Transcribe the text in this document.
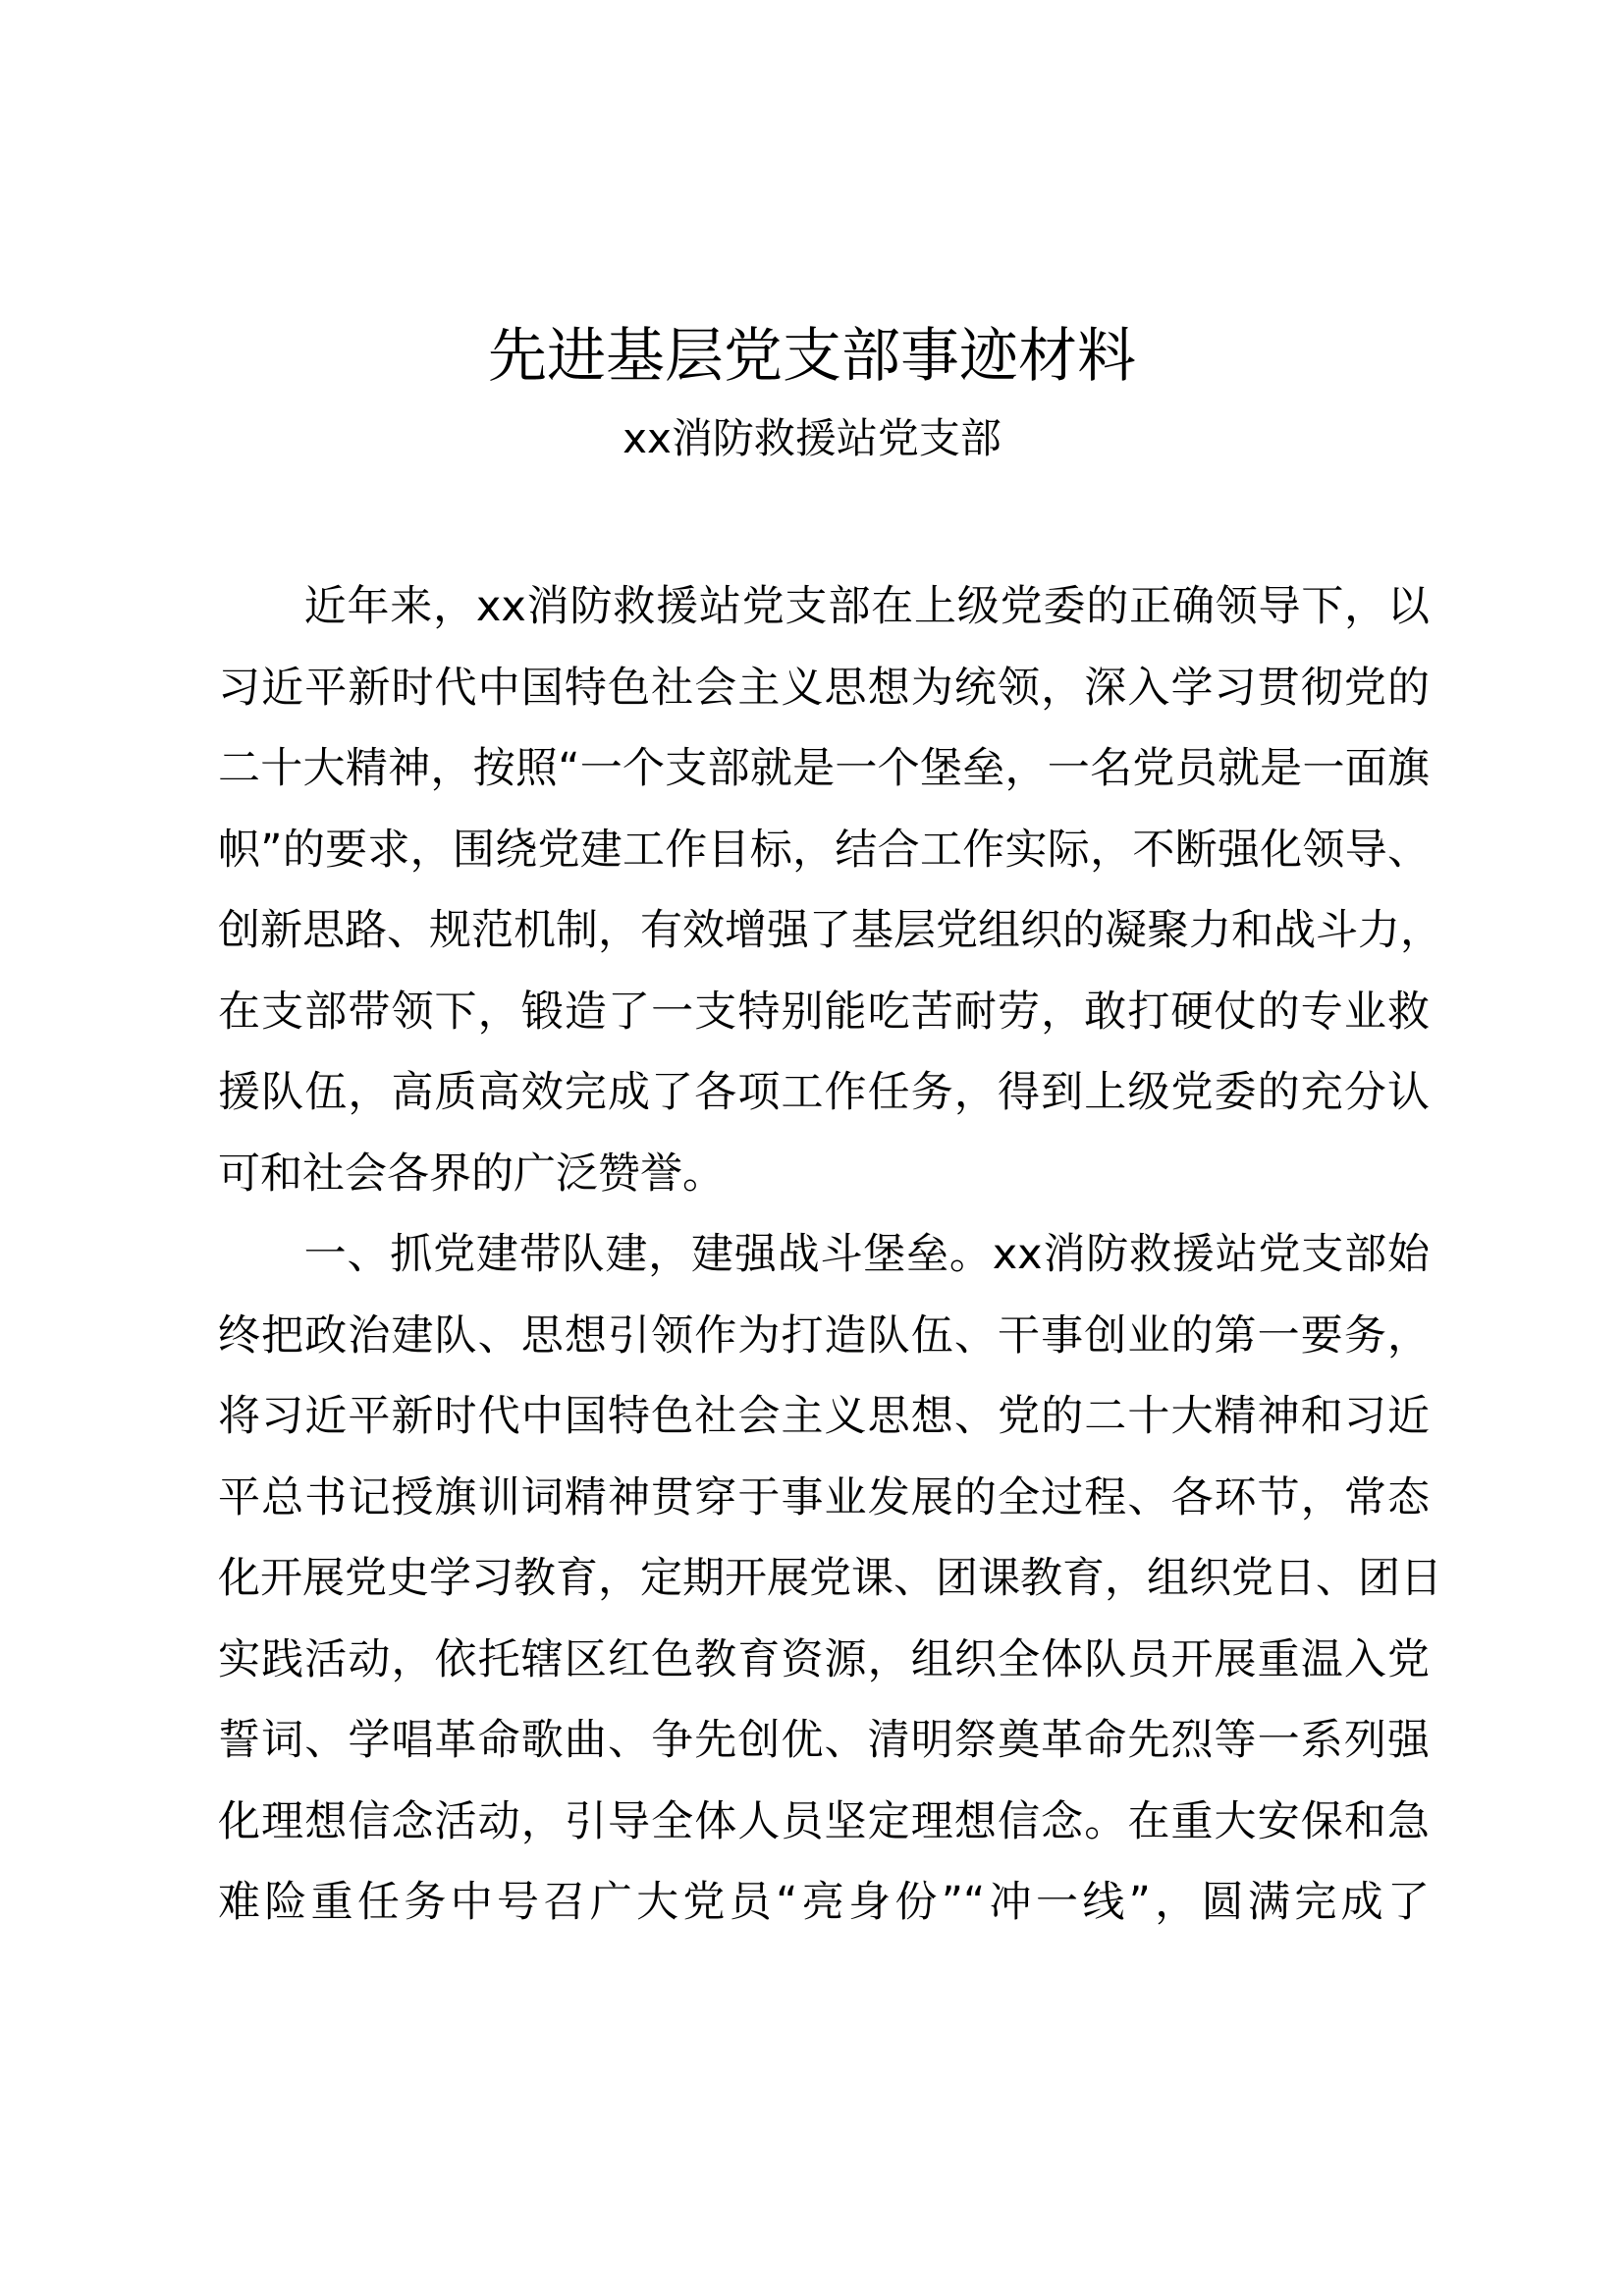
先进基层党支部事迹材料
xx消防救援站党支部
　　近年来，xx消防救援站党支部在上级党委的正确领导下，以
习近平新时代中国特色社会主义思想为统领，深入学习贯彻党的
二十大精神，按照“一个支部就是一个堡垒，一名党员就是一面旗
帜”的要求，围绕党建工作目标，结合工作实际，不断强化领导、
创新思路、规范机制，有效增强了基层党组织的凝聚力和战斗力，
在支部带领下，锻造了一支特别能吃苦耐劳，敢打硬仗的专业救
援队伍，高质高效完成了各项工作任务，得到上级党委的充分认
可和社会各界的广泛赞誉。
　　一、抓党建带队建，建强战斗堡垒。xx消防救援站党支部始
终把政治建队、思想引领作为打造队伍、干事创业的第一要务，
将习近平新时代中国特色社会主义思想、党的二十大精神和习近
平总书记授旗训词精神贯穿于事业发展的全过程、各环节，常态
化开展党史学习教育，定期开展党课、团课教育，组织党日、团日
实践活动，依托辖区红色教育资源，组织全体队员开展重温入党
誓词、学唱革命歌曲、争先创优、清明祭奠革命先烈等一系列强
化理想信念活动，引导全体人员坚定理想信念。在重大安保和急
难险重任务中号召广大党员“亮身份”“冲一线”，圆满完成了
